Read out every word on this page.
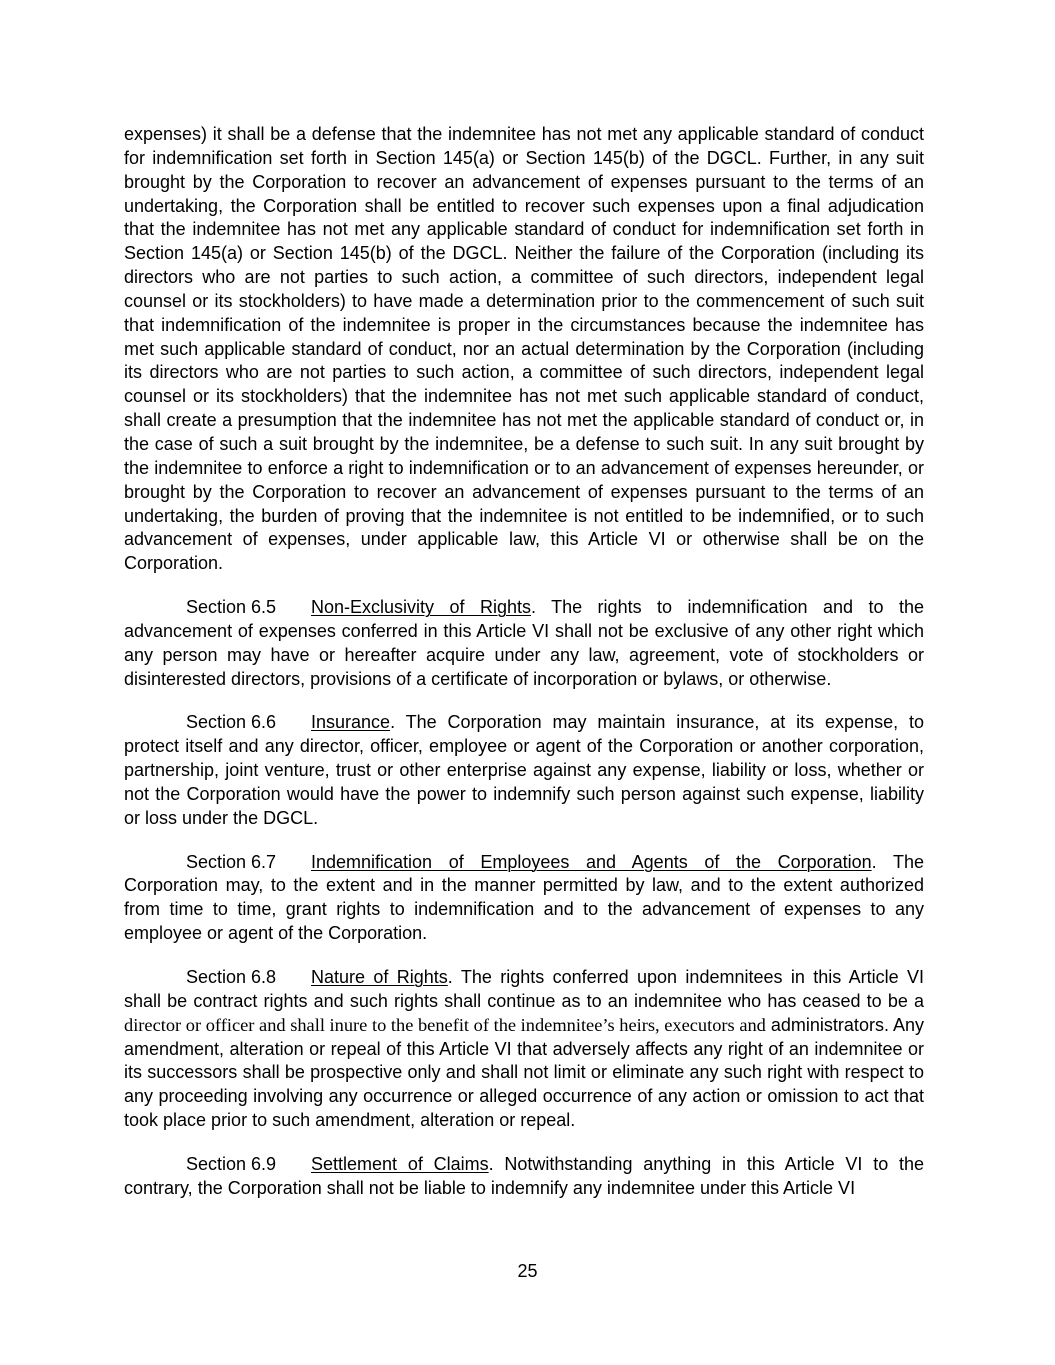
expenses) it shall be a defense that the indemnitee has not met any applicable standard of conduct for indemnification set forth in Section 145(a) or Section 145(b) of the DGCL. Further, in any suit brought by the Corporation to recover an advancement of expenses pursuant to the terms of an undertaking, the Corporation shall be entitled to recover such expenses upon a final adjudication that the indemnitee has not met any applicable standard of conduct for indemnification set forth in Section 145(a) or Section 145(b) of the DGCL. Neither the failure of the Corporation (including its directors who are not parties to such action, a committee of such directors, independent legal counsel or its stockholders) to have made a determination prior to the commencement of such suit that indemnification of the indemnitee is proper in the circumstances because the indemnitee has met such applicable standard of conduct, nor an actual determination by the Corporation (including its directors who are not parties to such action, a committee of such directors, independent legal counsel or its stockholders) that the indemnitee has not met such applicable standard of conduct, shall create a presumption that the indemnitee has not met the applicable standard of conduct or, in the case of such a suit brought by the indemnitee, be a defense to such suit. In any suit brought by the indemnitee to enforce a right to indemnification or to an advancement of expenses hereunder, or brought by the Corporation to recover an advancement of expenses pursuant to the terms of an undertaking, the burden of proving that the indemnitee is not entitled to be indemnified, or to such advancement of expenses, under applicable law, this Article VI or otherwise shall be on the Corporation.

Section 6.5 Non-Exclusivity of Rights. The rights to indemnification and to the advancement of expenses conferred in this Article VI shall not be exclusive of any other right which any person may have or hereafter acquire under any law, agreement, vote of stockholders or disinterested directors, provisions of a certificate of incorporation or bylaws, or otherwise.

Section 6.6 Insurance. The Corporation may maintain insurance, at its expense, to protect itself and any director, officer, employee or agent of the Corporation or another corporation, partnership, joint venture, trust or other enterprise against any expense, liability or loss, whether or not the Corporation would have the power to indemnify such person against such expense, liability or loss under the DGCL.

Section 6.7 Indemnification of Employees and Agents of the Corporation. The Corporation may, to the extent and in the manner permitted by law, and to the extent authorized from time to time, grant rights to indemnification and to the advancement of expenses to any employee or agent of the Corporation.

Section 6.8 Nature of Rights. The rights conferred upon indemnitees in this Article VI shall be contract rights and such rights shall continue as to an indemnitee who has ceased to be a director or officer and shall inure to the benefit of the indemnitee’s heirs, executors and administrators. Any amendment, alteration or repeal of this Article VI that adversely affects any right of an indemnitee or its successors shall be prospective only and shall not limit or eliminate any such right with respect to any proceeding involving any occurrence or alleged occurrence of any action or omission to act that took place prior to such amendment, alteration or repeal.

Section 6.9 Settlement of Claims. Notwithstanding anything in this Article VI to the contrary, the Corporation shall not be liable to indemnify any indemnitee under this Article VI

25
